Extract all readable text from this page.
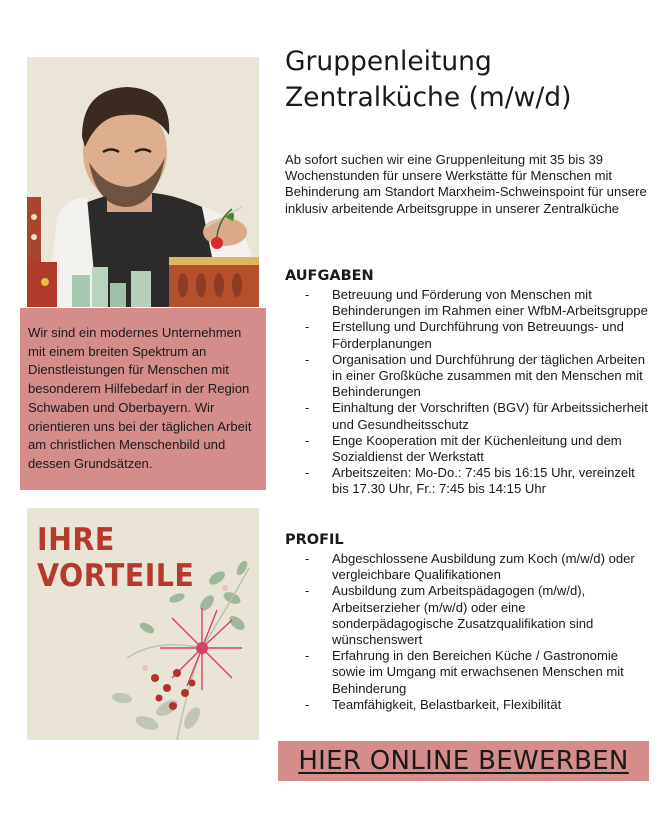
Wir sind ein modernes Unternehmen mit einem breiten Spektrum an Dienstleistungen für Menschen mit besonderem Hilfebedarf in der Region Schwaben und Oberbayern. Wir orientieren uns bei der täglichen Arbeit am christlichen Menschenbild und dessen Grundsätzen.

IHRE
VORTEILE
Gruppenleitung
Zentralküche (m/w/d)

Ab sofort suchen wir eine Gruppenleitung mit 35 bis 39 Wochenstunden für unsere Werkstätte für Menschen mit Behinderung am Standort Marxheim-Schweinspoint für unsere inklusiv arbeitende Arbeitsgruppe in unserer Zentralküche

AUFGABEN
- Betreuung und Förderung von Menschen mit Behinderungen im Rahmen einer WfbM-Arbeitsgruppe
- Erstellung und Durchführung von Betreuungs- und Förderplanungen
- Organisation und Durchführung der täglichen Arbeiten in einer Großküche zusammen mit den Menschen mit Behinderungen
- Einhaltung der Vorschriften (BGV) für Arbeitssicherheit und Gesundheitsschutz
- Enge Kooperation mit der Küchenleitung und dem Sozialdienst der Werkstatt
- Arbeitszeiten: Mo-Do.: 7:45 bis 16:15 Uhr, vereinzelt bis 17.30 Uhr, Fr.: 7:45 bis 14:15 Uhr
PROFIL
- Abgeschlossene Ausbildung zum Koch (m/w/d) oder vergleichbare Qualifikationen
- Ausbildung zum Arbeitspädagogen (m/w/d), Arbeitserzieher (m/w/d) oder eine sonderpädagogische Zusatzqualifikation sind wünschenswert
- Erfahrung in den Bereichen Küche / Gastronomie sowie im Umgang mit erwachsenen Menschen mit Behinderung
- Teamfähigkeit, Belastbarkeit, Flexibilität
HIER ONLINE BEWERBEN
